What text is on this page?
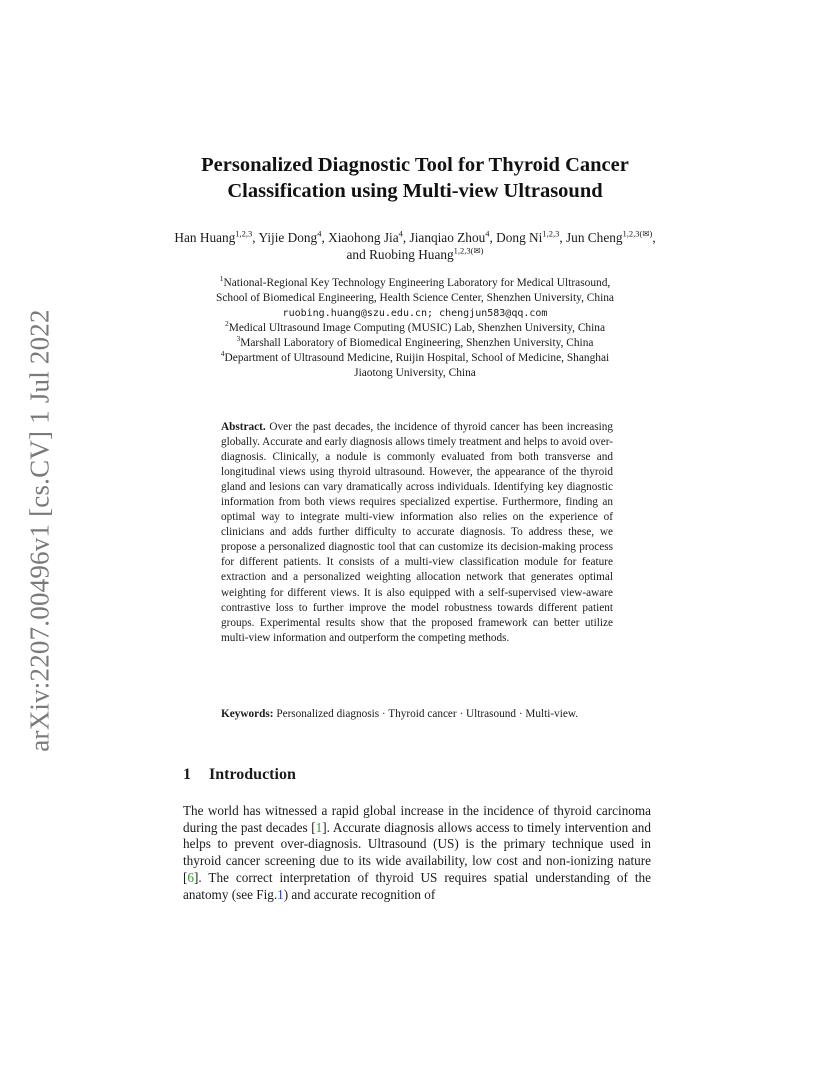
arXiv:2207.00496v1 [cs.CV] 1 Jul 2022
Personalized Diagnostic Tool for Thyroid Cancer
Classification using Multi-view Ultrasound
Han Huang$^{1,2,3}$, Yijie Dong$^4$, Xiaohong Jia$^4$, Jianqiao Zhou$^4$, Dong Ni$^{1,2,3}$, Jun Cheng$^{1,2,3(✉)}$, and Ruobing Huang$^{1,2,3(✉)}$
$^1$National-Regional Key Technology Engineering Laboratory for Medical Ultrasound,
School of Biomedical Engineering, Health Science Center, Shenzhen University, China
ruobing.huang@szu.edu.cn; chengjun583@qq.com
$^2$Medical Ultrasound Image Computing (MUSIC) Lab, Shenzhen University, China
$^3$Marshall Laboratory of Biomedical Engineering, Shenzhen University, China
$^4$Department of Ultrasound Medicine, Ruijin Hospital, School of Medicine, Shanghai
Jiaotong University, China
Abstract. Over the past decades, the incidence of thyroid cancer has been increasing globally. Accurate and early diagnosis allows timely treatment and helps to avoid over-diagnosis. Clinically, a nodule is commonly evaluated from both transverse and longitudinal views using thyroid ultrasound. However, the appearance of the thyroid gland and lesions can vary dramatically across individuals. Identifying key diagnostic information from both views requires specialized expertise. Furthermore, finding an optimal way to integrate multi-view information also relies on the experience of clinicians and adds further difficulty to accurate diagnosis. To address these, we propose a personalized diagnostic tool that can customize its decision-making process for different patients. It consists of a multi-view classification module for feature extraction and a personalized weighting allocation network that generates optimal weighting for different views. It is also equipped with a self-supervised view-aware contrastive loss to further improve the model robustness towards different patient groups. Experimental results show that the proposed framework can better utilize multi-view information and outperform the competing methods.
Keywords: Personalized diagnosis · Thyroid cancer · Ultrasound · Multi-view.
1 Introduction
The world has witnessed a rapid global increase in the incidence of thyroid carcinoma during the past decades [1]. Accurate diagnosis allows access to timely intervention and helps to prevent over-diagnosis. Ultrasound (US) is the primary technique used in thyroid cancer screening due to its wide availability, low cost and non-ionizing nature [6]. The correct interpretation of thyroid US requires spatial understanding of the anatomy (see Fig.1) and accurate recognition of
